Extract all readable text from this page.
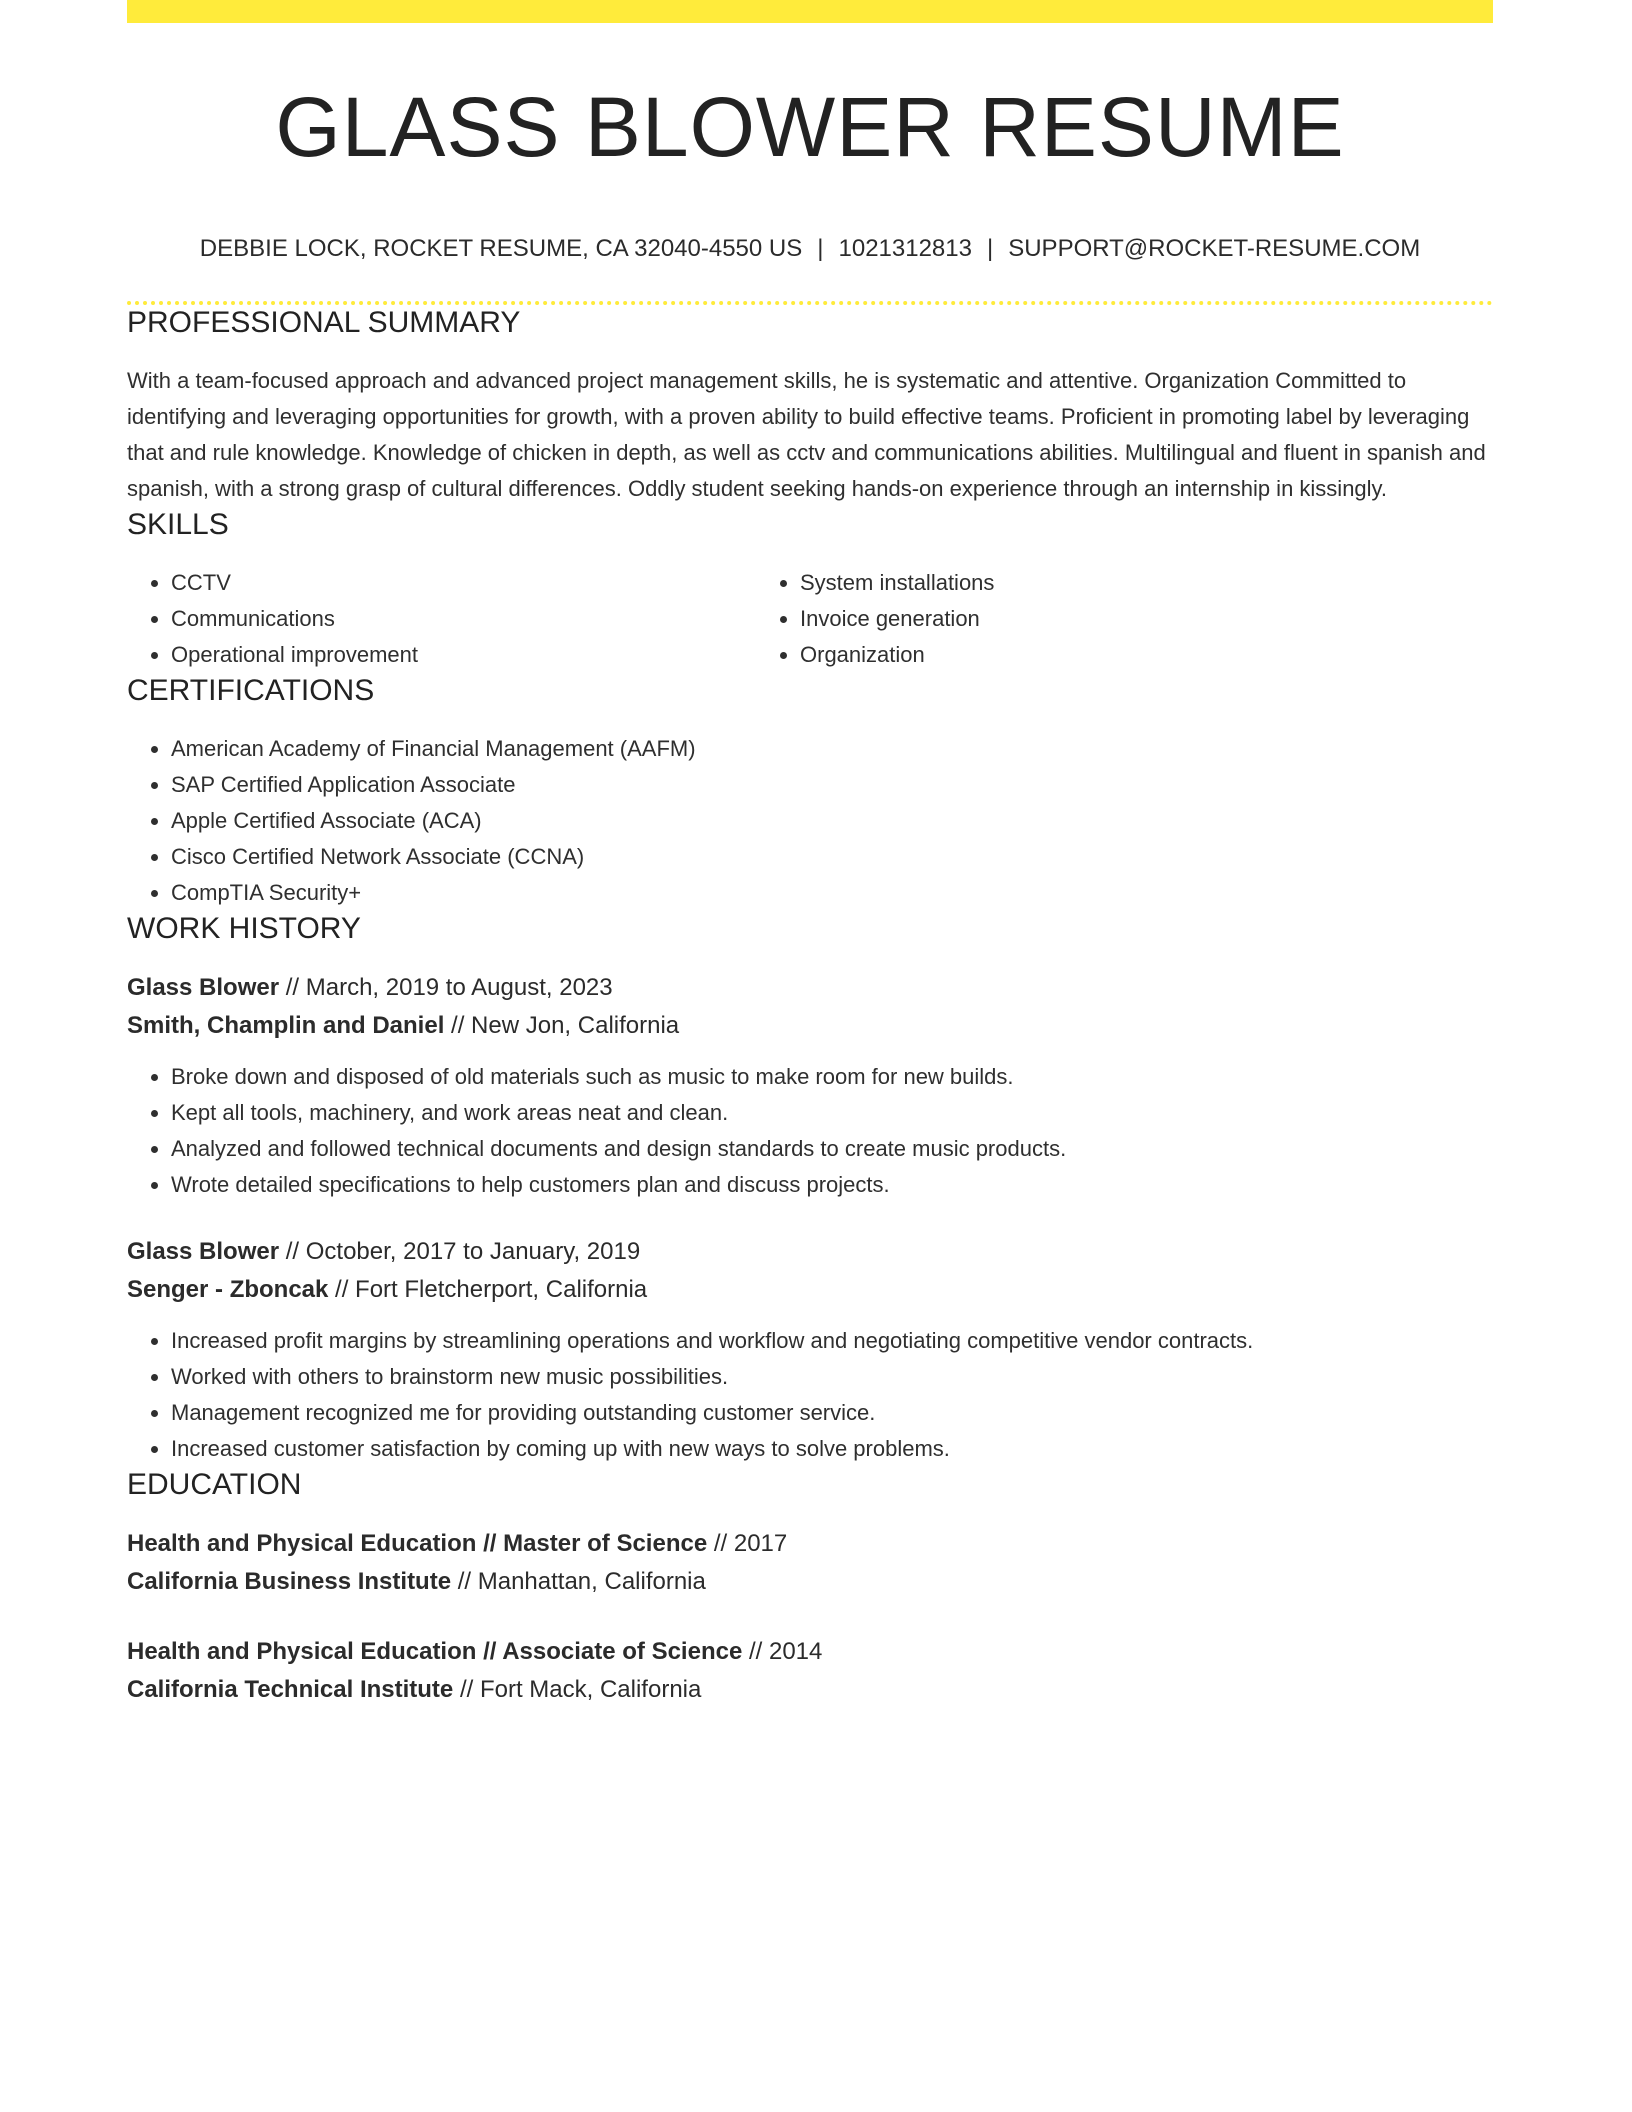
GLASS BLOWER RESUME
DEBBIE LOCK, ROCKET RESUME, CA 32040-4550 US | 1021312813 | SUPPORT@ROCKET-RESUME.COM
PROFESSIONAL SUMMARY

With a team-focused approach and advanced project management skills, he is systematic and attentive. Organization Committed to identifying and leveraging opportunities for growth, with a proven ability to build effective teams. Proficient in promoting label by leveraging that and rule knowledge. Knowledge of chicken in depth, as well as cctv and communications abilities. Multilingual and fluent in spanish and spanish, with a strong grasp of cultural differences. Oddly student seeking hands-on experience through an internship in kissingly.

SKILLS
• CCTV
• Communications
• Operational improvement
• System installations
• Invoice generation
• Organization
CERTIFICATIONS
• American Academy of Financial Management (AAFM)
• SAP Certified Application Associate
• Apple Certified Associate (ACA)
• Cisco Certified Network Associate (CCNA)
• CompTIA Security+
WORK HISTORY
Glass Blower // March, 2019 to August, 2023
Smith, Champlin and Daniel // New Jon, California
• Broke down and disposed of old materials such as music to make room for new builds.
• Kept all tools, machinery, and work areas neat and clean.
• Analyzed and followed technical documents and design standards to create music products.
• Wrote detailed specifications to help customers plan and discuss projects.
Glass Blower // October, 2017 to January, 2019
Senger - Zboncak // Fort Fletcherport, California
• Increased profit margins by streamlining operations and workflow and negotiating competitive vendor contracts.
• Worked with others to brainstorm new music possibilities.
• Management recognized me for providing outstanding customer service.
• Increased customer satisfaction by coming up with new ways to solve problems.
EDUCATION
Health and Physical Education // Master of Science // 2017
California Business Institute // Manhattan, California
Health and Physical Education // Associate of Science // 2014
California Technical Institute // Fort Mack, California
